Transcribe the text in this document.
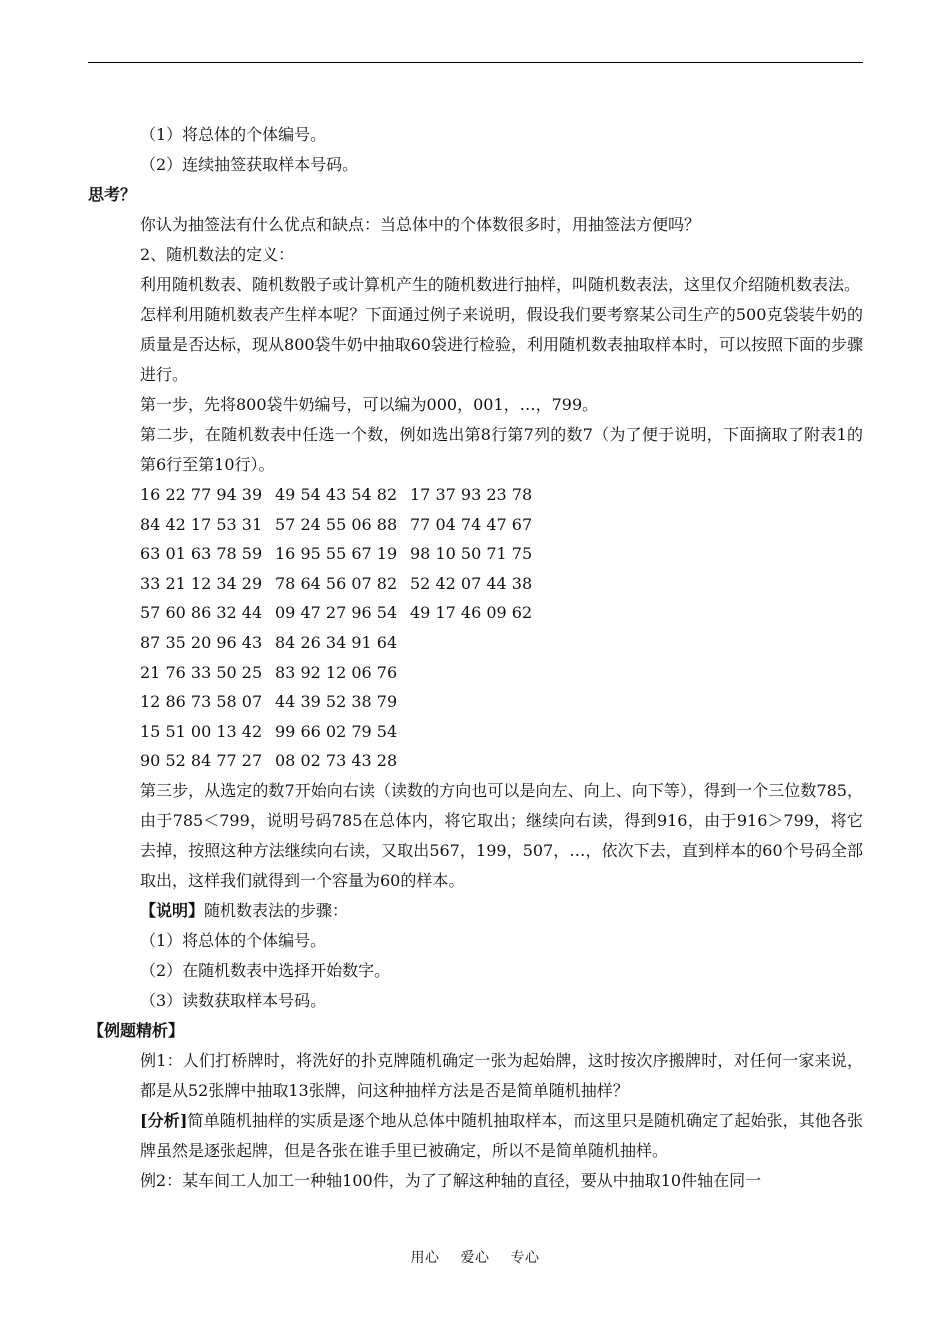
（1）将总体的个体编号。
（2）连续抽签获取样本号码。
思考？
你认为抽签法有什么优点和缺点：当总体中的个体数很多时，用抽签法方便吗？
2、随机数法的定义：
利用随机数表、随机数骰子或计算机产生的随机数进行抽样，叫随机数表法，这里仅介绍随机数表法。
怎样利用随机数表产生样本呢？下面通过例子来说明，假设我们要考察某公司生产的500克袋装牛奶的质量是否达标，现从800袋牛奶中抽取60袋进行检验，利用随机数表抽取样本时，可以按照下面的步骤进行。
第一步，先将800袋牛奶编号，可以编为000，001，…，799。
第二步，在随机数表中任选一个数，例如选出第8行第7列的数7（为了便于说明，下面摘取了附表1的第6行至第10行）。
16 22 77 94 39 49 54 43 54 82 17 37 93 23 78
84 42 17 53 31 57 24 55 06 88 77 04 74 47 67
63 01 63 78 59 16 95 55 67 19 98 10 50 71 75
33 21 12 34 29 78 64 56 07 82 52 42 07 44 38
57 60 86 32 44 09 47 27 96 54 49 17 46 09 62
87 35 20 96 43 84 26 34 91 64
21 76 33 50 25 83 92 12 06 76
12 86 73 58 07 44 39 52 38 79
15 51 00 13 42 99 66 02 79 54
90 52 84 77 27 08 02 73 43 28
第三步，从选定的数7开始向右读（读数的方向也可以是向左、向上、向下等），得到一个三位数785，由于785＜799，说明号码785在总体内，将它取出；继续向右读，得到916，由于916＞799，将它去掉，按照这种方法继续向右读，又取出567，199，507，…，依次下去，直到样本的60个号码全部取出，这样我们就得到一个容量为60的样本。
【说明】随机数表法的步骤：
（1）将总体的个体编号。
（2）在随机数表中选择开始数字。
（3）读数获取样本号码。
【例题精析】
例1：人们打桥牌时，将洗好的扑克牌随机确定一张为起始牌，这时按次序搬牌时，对任何一家来说，都是从52张牌中抽取13张牌，问这种抽样方法是否是简单随机抽样？
[分析]简单随机抽样的实质是逐个地从总体中随机抽取样本，而这里只是随机确定了起始张，其他各张牌虽然是逐张起牌，但是各张在谁手里已被确定，所以不是简单随机抽样。
例2：某车间工人加工一种轴100件，为了了解这种轴的直径，要从中抽取10件轴在同一
用心 爱心 专心
